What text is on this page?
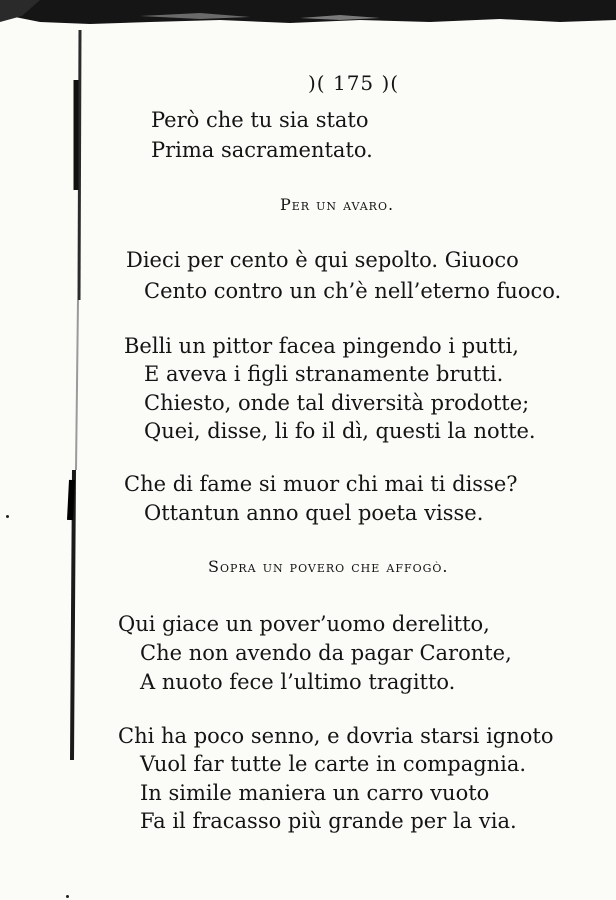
)( 175 )(
Però che tu sia stato
Prima sacramentato.
Per un avaro.
Dieci per cento è qui sepolto. Giuoco
Cento contro un ch’è nell’eterno fuoco.
Belli un pittor facea pingendo i putti,
E aveva i figli stranamente brutti.
Chiesto, onde tal diversità prodotte;
Quei, disse, li fo il dì, questi la notte.
Che di fame si muor chi mai ti disse?
Ottantun anno quel poeta visse.
Sopra un povero che affogò.
Qui giace un pover’uomo derelitto,
Che non avendo da pagar Caronte,
A nuoto fece l’ultimo tragitto.
Chi ha poco senno, e dovria starsi ignoto
Vuol far tutte le carte in compagnia.
In simile maniera un carro vuoto
Fa il fracasso più grande per la via.
